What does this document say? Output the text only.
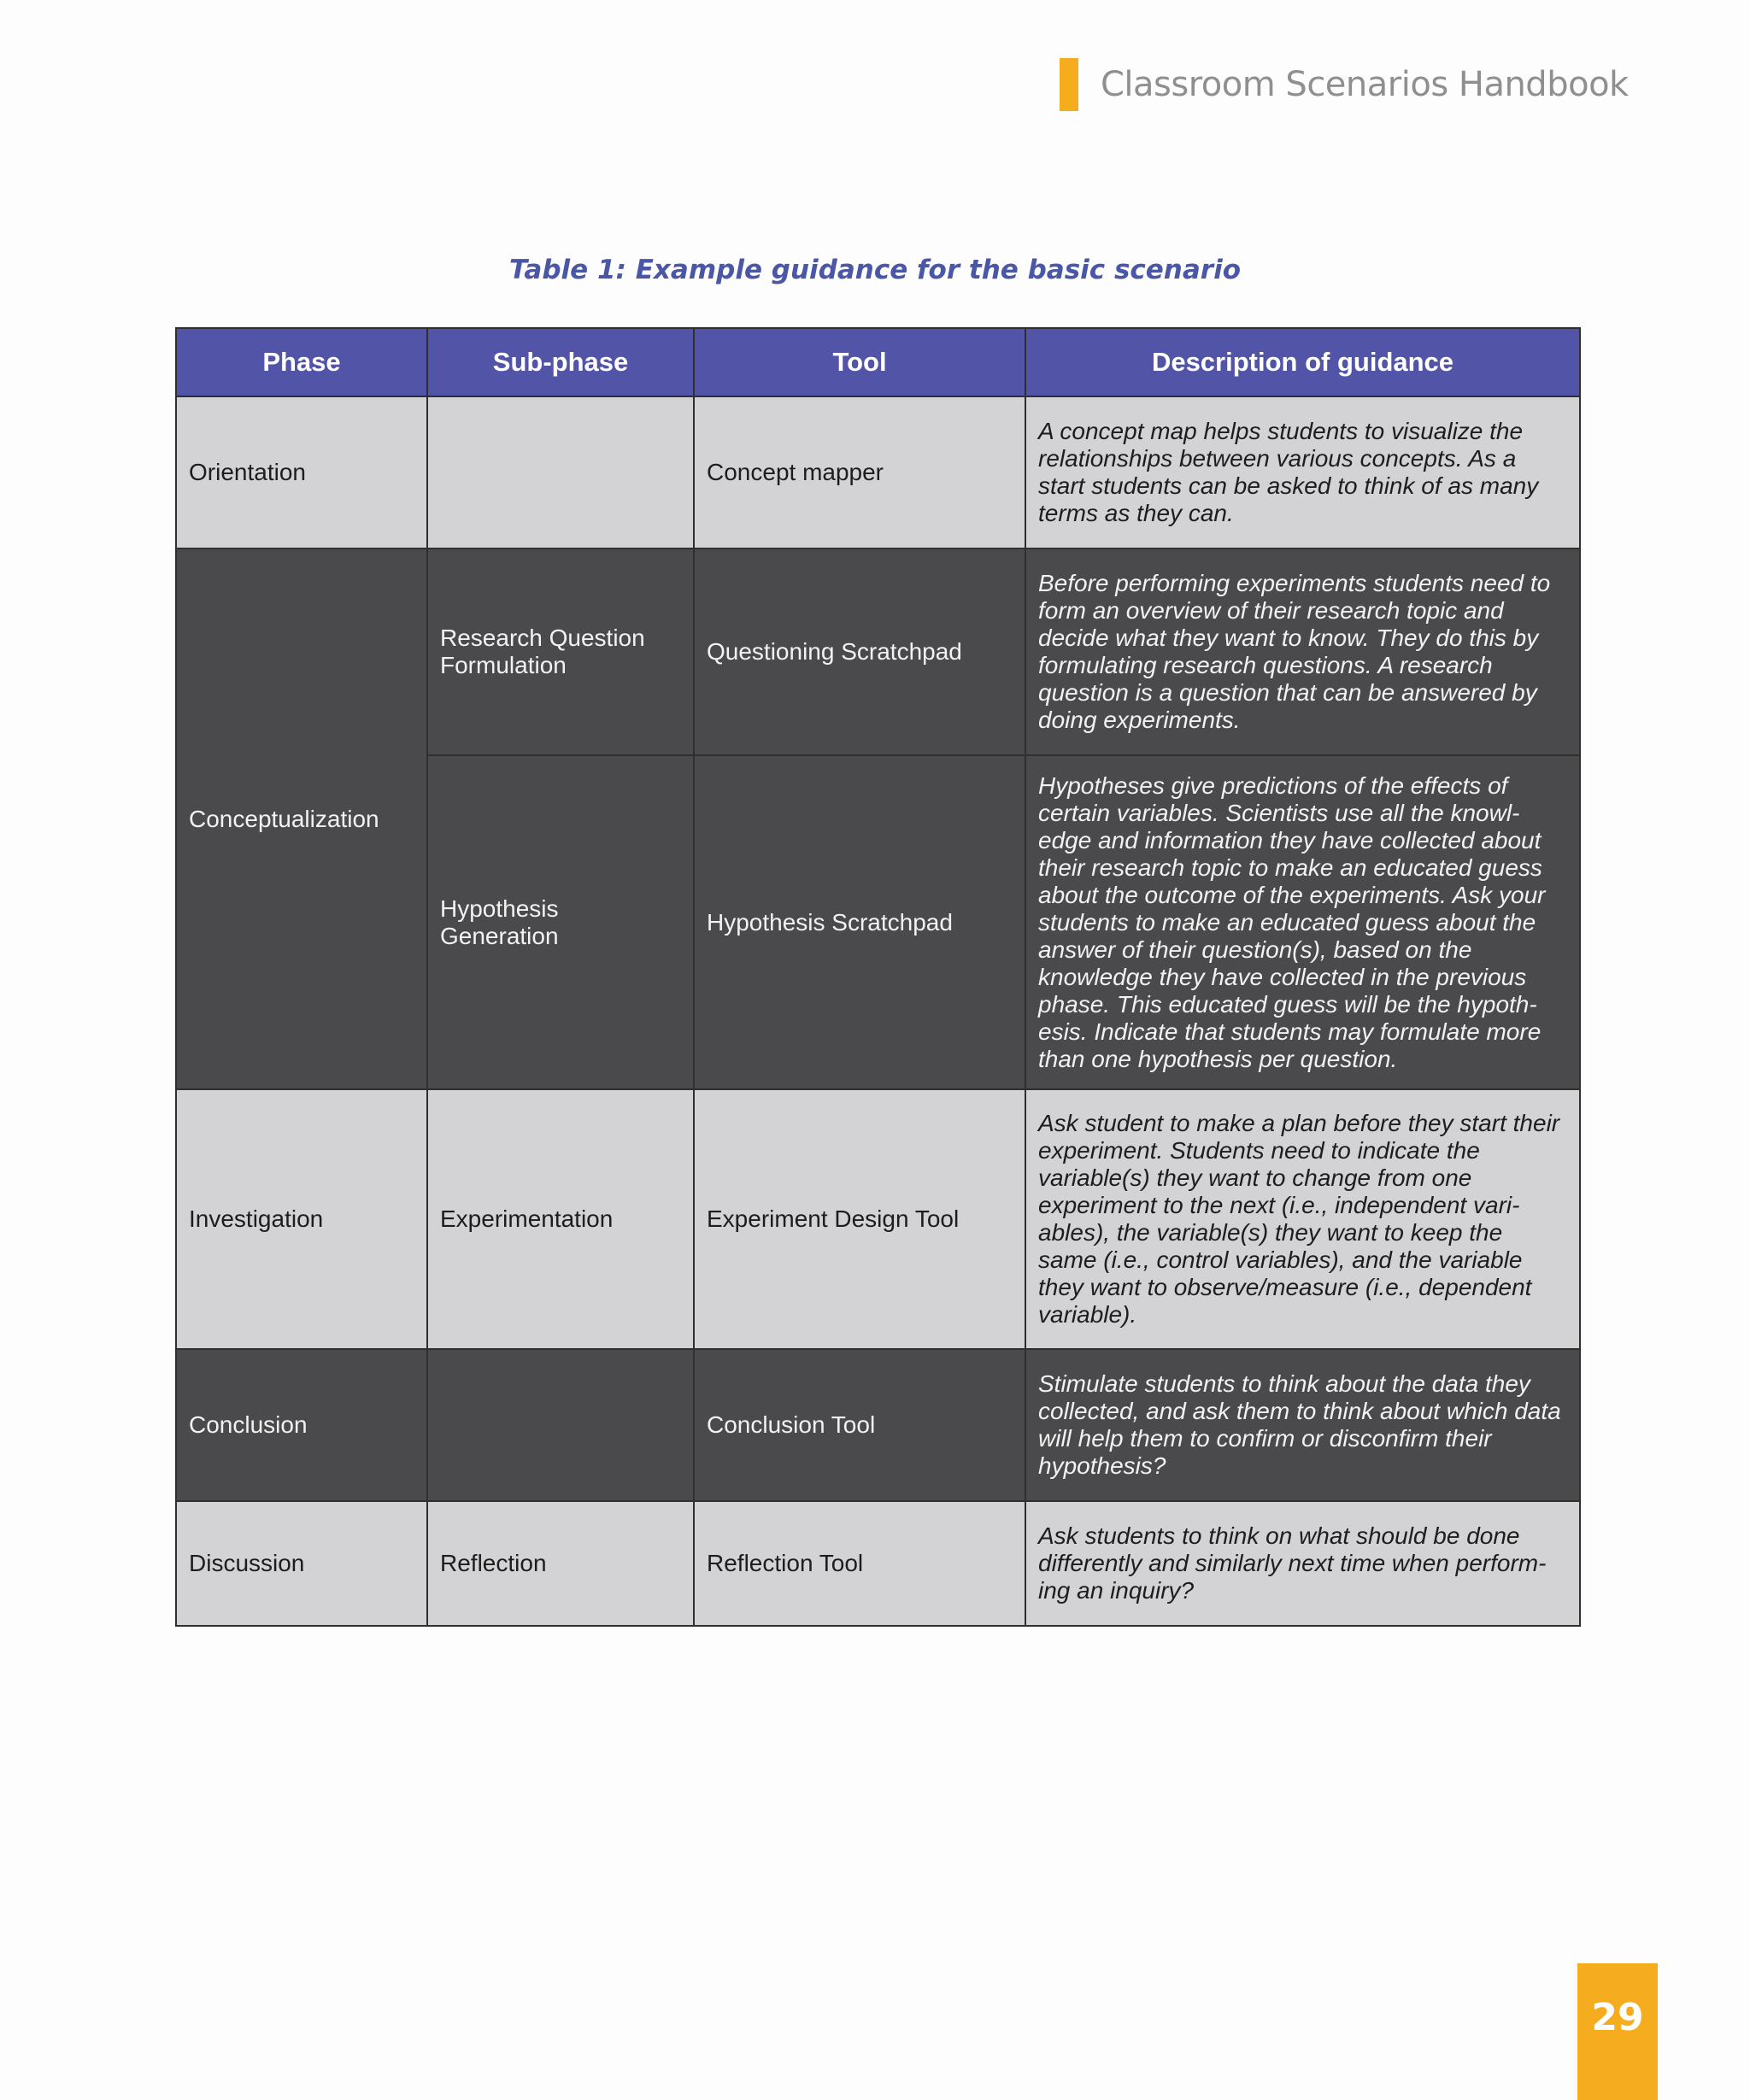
Classroom Scenarios Handbook
Table 1: Example guidance for the basic scenario
Phase	Sub-phase	Tool	Description of guidance
Orientation		Concept mapper	A concept map helps students to visualize the relationships between various concepts. As a start students can be asked to think of as many terms as they can.
Conceptualization	Research Question Formulation	Questioning Scratchpad	Before performing experiments students need to form an overview of their research topic and decide what they want to know. They do this by formulating research questions. A research question is a question that can be answered by doing experiments.
	Hypothesis Generation	Hypothesis Scratchpad	Hypotheses give predictions of the effects of certain variables. Scientists use all the knowl-edge and information they have collected about their research topic to make an educated guess about the outcome of the experiments. Ask your students to make an educated guess about the answer of their question(s), based on the knowledge they have collected in the previous phase. This educated guess will be the hypoth-esis. Indicate that students may formulate more than one hypothesis per question.
Investigation	Experimentation	Experiment Design Tool	Ask student to make a plan before they start their experiment. Students need to indicate the variable(s) they want to change from one experiment to the next (i.e., independent vari-ables), the variable(s) they want to keep the same (i.e., control variables), and the variable they want to observe/measure (i.e., dependent variable).
Conclusion		Conclusion Tool	Stimulate students to think about the data they collected, and ask them to think about which data will help them to confirm or disconfirm their hypothesis?
Discussion	Reflection	Reflection Tool	Ask students to think on what should be done differently and similarly next time when perform-ing an inquiry?
29
